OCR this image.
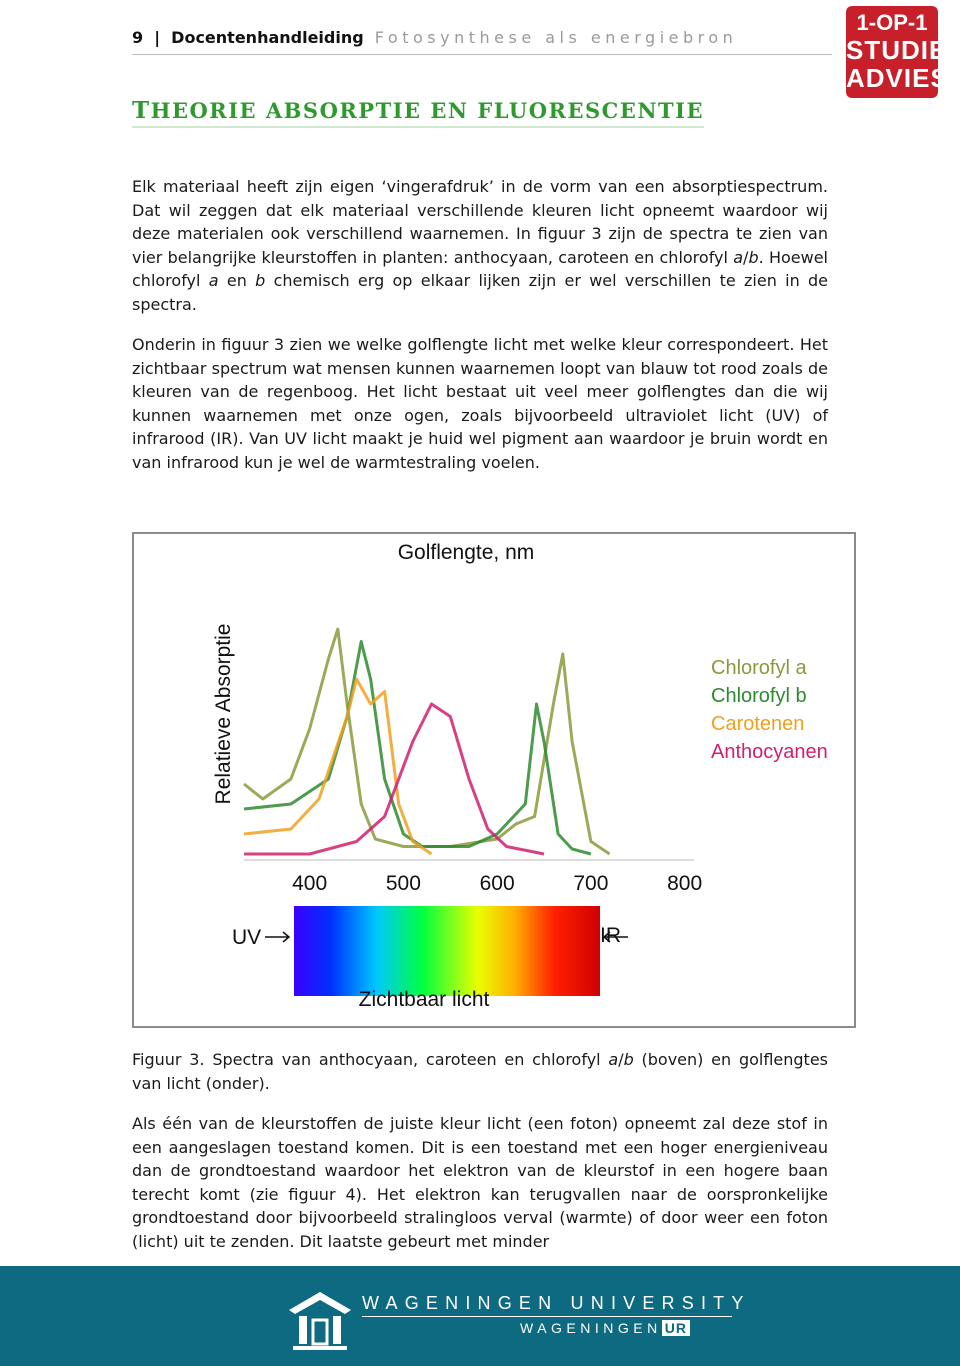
9 | Docentenhandleiding Fotosynthese als energiebron
1-OP-1
STUDIE
ADVIES
THEORIE ABSORPTIE EN FLUORESCENTIE
Elk materiaal heeft zijn eigen ‘vingerafdruk’ in de vorm van een absorptiespectrum. Dat wil zeggen dat elk materiaal verschillende kleuren licht opneemt waardoor wij deze materialen ook verschillend waarnemen. In figuur 3 zijn de spectra te zien van vier belangrijke kleurstoffen in planten: anthocyaan, caroteen en chlorofyl a/b. Hoewel chlorofyl a en b chemisch erg op elkaar lijken zijn er wel verschillen te zien in de spectra.
Onderin in figuur 3 zien we welke golflengte licht met welke kleur correspondeert. Het zichtbaar spectrum wat mensen kunnen waarnemen loopt van blauw tot rood zoals de kleuren van de regenboog. Het licht bestaat uit veel meer golflengtes dan die wij kunnen waarnemen met onze ogen, zoals bijvoorbeeld ultraviolet licht (UV) of infrarood (IR). Van UV licht maakt je huid wel pigment aan waardoor je bruin wordt en van infrarood kun je wel de warmtestraling voelen.
Golflengte, nm
Relatieve Absorptie
400	500	600	700	800
Chlorofyl a
Chlorofyl b
Carotenen
Anthocyanen
UV	IR
Zichtbaar licht
Figuur 3. Spectra van anthocyaan, caroteen en chlorofyl a/b (boven) en golflengtes van licht (onder).
Als één van de kleurstoffen de juiste kleur licht (een foton) opneemt zal deze stof in een aangeslagen toestand komen. Dit is een toestand met een hoger energieniveau dan de grondtoestand waardoor het elektron van de kleurstof in een hogere baan terecht komt (zie figuur 4). Het elektron kan terugvallen naar de oorspronkelijke grondtoestand door bijvoorbeeld stralingloos verval (warmte) of door weer een foton (licht) uit te zenden. Dit laatste gebeurt met minder
WAGENINGEN UNIVERSITY
WAGENINGEN UR
